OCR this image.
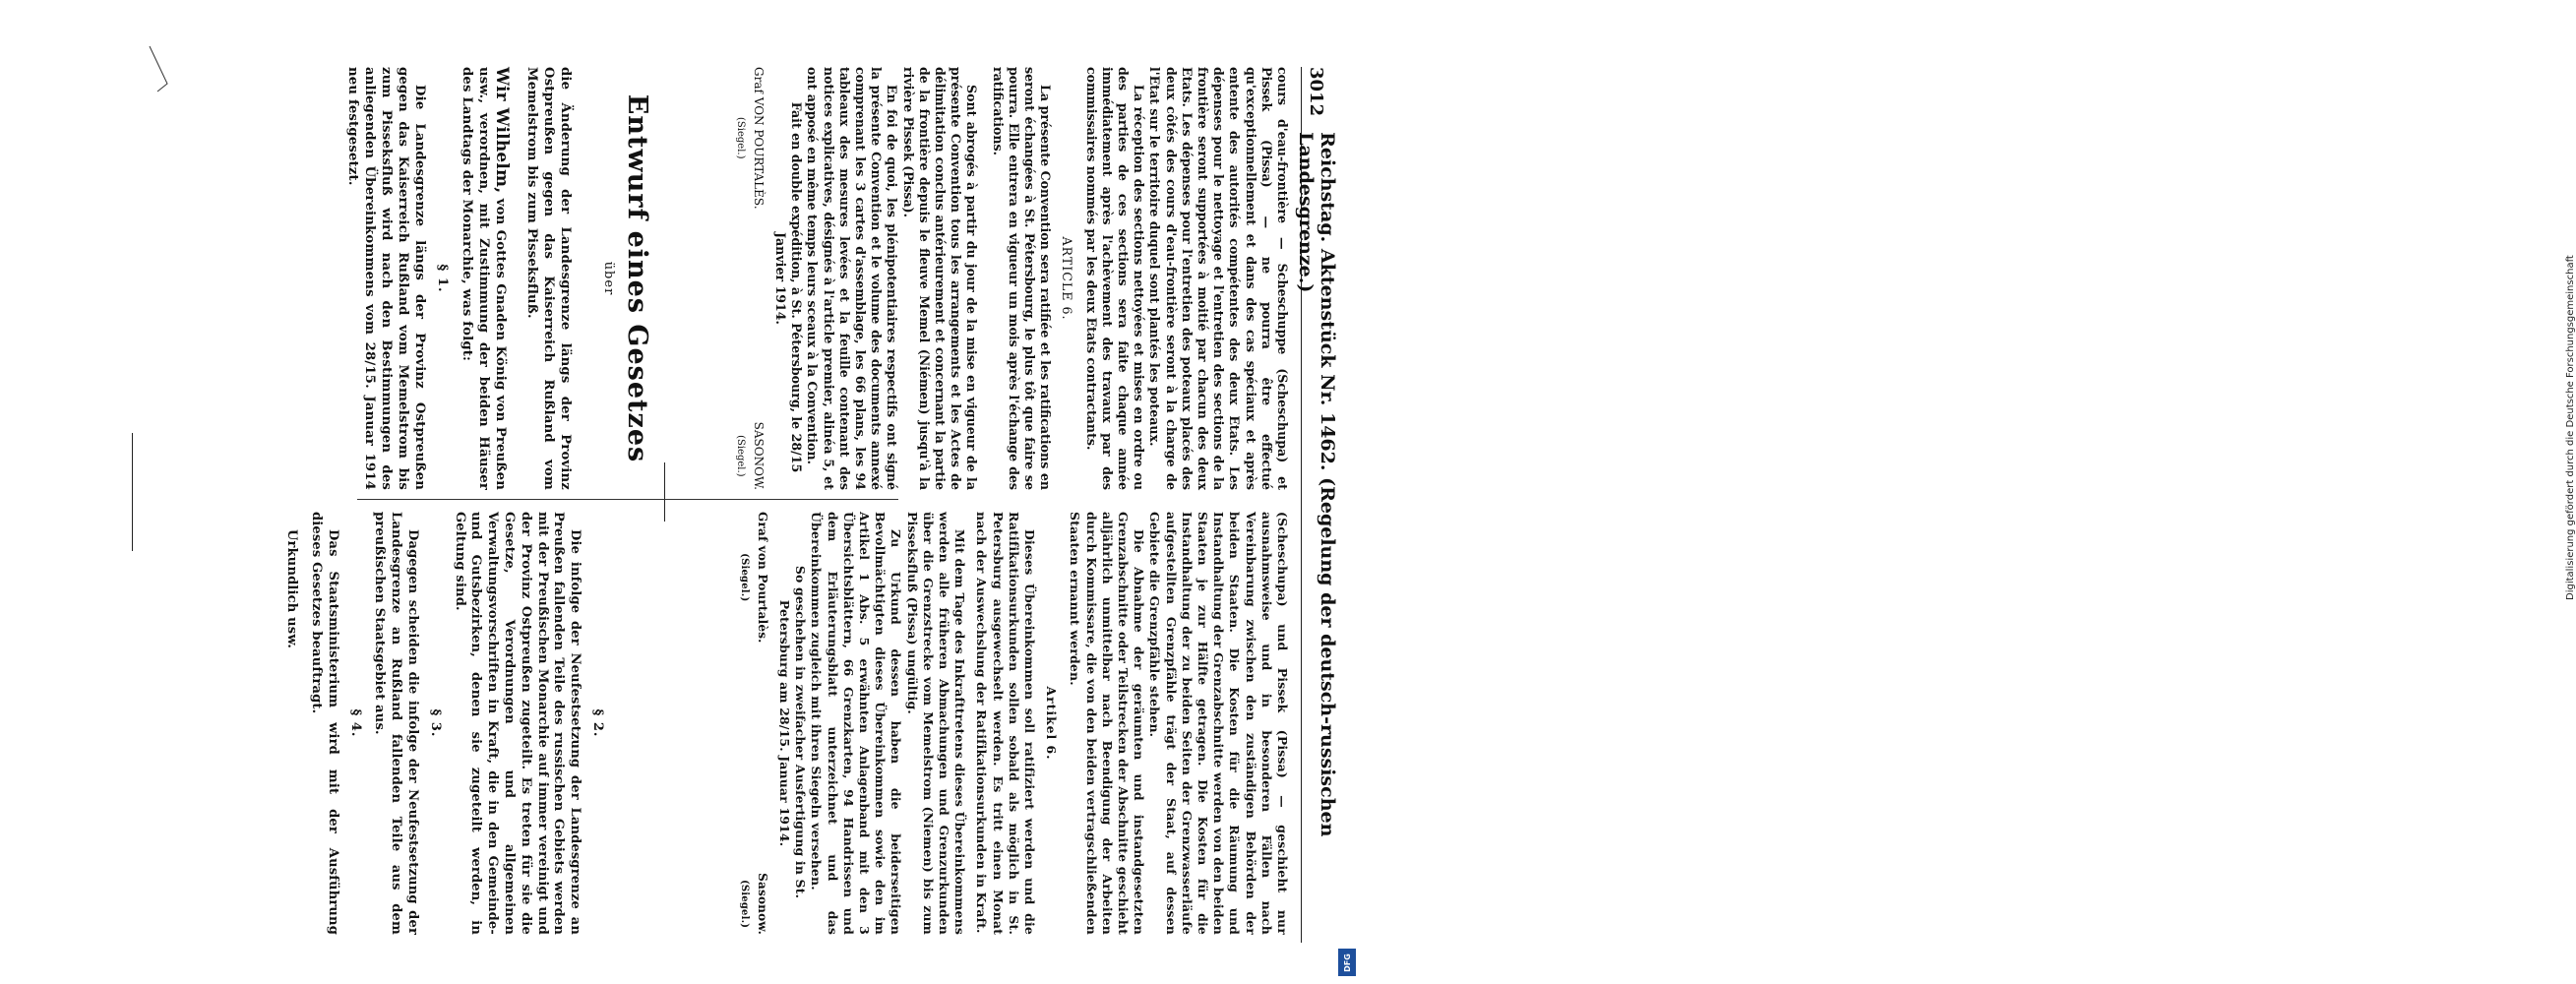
3012
Reichstag. Aktenstück Nr. 1462. (Regelung der deutsch-russischen Landesgrenze.)

cours d'eau-frontière — Scheschuppe (Scheschupa) et Pissek (Pissa) — ne pourra être effectué qu'exceptionnellement et dans des cas spéciaux et après entente des autorités compétentes des deux Etats. Les dépenses pour le nettoyage et l'entretien des sections de la frontière seront supportées à moitié par chacun des deux Etats. Les dépenses pour l'entretien des poteaux placés des deux côtés des cours d'eau-frontière seront à la charge de l'Etat sur le territoire duquel sont plantés les poteaux.

La réception des sections nettoyées et mises en ordre ou des parties de ces sections sera faite chaque année immédiatement après l'achèvement des travaux par des commissaires nommés par les deux Etats contractants.

ARTICLE 6.

La présente Convention sera ratifiée et les ratifications en seront échangées à St. Pétersbourg, le plus tôt que faire se pourra. Elle entrera en vigueur un mois après l'échange des ratifications.

Sont abrogés à partir du jour de la mise en vigueur de la présente Convention tous les arrangements et les Actes de délimitation conclus antérieurement et concernant la partie de la frontière depuis le fleuve Memel (Niémen) jusqu'à la rivière Pissek (Pissa).

En foi de quoi, les plénipotentiaires respectifs ont signé la présente Convention et le volume des documents annexé comprenant les 3 cartes d'assemblage, les 66 plans, les 94 tableaux des mesures levées et la feuille contenant des notices explicatives, désignés à l'article premier, alinéa 5, et ont apposé en même temps leurs sceaux à la Convention.

Fait en double expédition, à St. Pétersbourg, le 28/15 Janvier 1914.

Graf VON POURTALÈS.
(Siegel.)
SASONOW.
(Siegel.)

(Scheschupa) und Pissek (Pissa) — geschieht nur ausnahmsweise und in besonderen Fällen nach Vereinbarung zwischen den zuständigen Behörden der beiden Staaten. Die Kosten für die Räumung und Instandhaltung der Grenzabschnitte werden von den beiden Staaten je zur Hälfte getragen. Die Kosten für die Instandhaltung der zu beiden Seiten der Grenzwasserläufe aufgestellten Grenzpfähle trägt der Staat, auf dessen Gebiete die Grenzpfähle stehen.

Die Abnahme der geräumten und instandgesetzten Grenzabschnitte oder Teilstrecken der Abschnitte geschieht alljährlich unmittelbar nach Beendigung der Arbeiten durch Kommissare, die von den beiden vertragschließenden Staaten ernannt werden.

Artikel 6.

Dieses Übereinkommen soll ratifiziert werden und die Ratifikationsurkunden sollen sobald als möglich in St. Petersburg ausgewechselt werden. Es tritt einen Monat nach der Auswechslung der Ratifikationsurkunden in Kraft.

Mit dem Tage des Inkrafttretens dieses Übereinkommens werden alle früheren Abmachungen und Grenzurkunden über die Grenzstrecke vom Memelstrom (Niemen) bis zum Pisseksfluß (Pissa) ungültig.

Zu Urkund dessen haben die beiderseitigen Bevollmächtigten dieses Übereinkommen sowie den im Artikel 1 Abs. 5 erwähnten Anlagenband mit den 3 Übersichtsblättern, 66 Grenzkarten, 94 Handrissen und dem Erläuterungsblatt unterzeichnet und das Übereinkommen zugleich mit ihren Siegeln versehen.

So geschehen in zweifacher Ausfertigung in St. Petersburg am 28/15. Januar 1914.

Graf von Pourtalès.
(Siegel.)
Sasonow.
(Siegel.)
Entwurf eines Gesetzes
über

die Änderung der Landesgrenze längs der Provinz Ostpreußen gegen das Kaiserreich Rußland vom Memelstrom bis zum Pisseksfluß.

Wir Wilhelm, von Gottes Gnaden König von Preußen usw., verordnen, mit Zustimmung der beiden Häuser des Landtags der Monarchie, was folgt:

§ 1.

Die Landesgrenze längs der Provinz Ostpreußen gegen das Kaiserreich Rußland vom Memelstrom bis zum Pisseksfluß wird nach den Bestimmungen des anliegenden Übereinkommens vom 28/15. Januar 1914 neu festgesetzt.

§ 2.

Die infolge der Neufestsetzung der Landesgrenze an Preußen fallenden Teile des russischen Gebiets werden mit der Preußischen Monarchie auf immer vereinigt und der Provinz Ostpreußen zugeteilt. Es treten für sie die Gesetze, Verordnungen und allgemeinen Verwaltungsvorschriften in Kraft, die in den Gemeinde- und Gutsbezirken, denen sie zugeteilt werden, in Geltung sind.

§ 3.

Dagegen scheiden die infolge der Neufestsetzung der Landesgrenze an Rußland fallenden Teile aus dem preußischen Staatsgebiet aus.

§ 4.

Das Staatsministerium wird mit der Ausführung dieses Gesetzes beauftragt.

Urkundlich usw.	Digitalisierung gefördert durch die Deutsche Forschungsgemeinschaft
DFG
